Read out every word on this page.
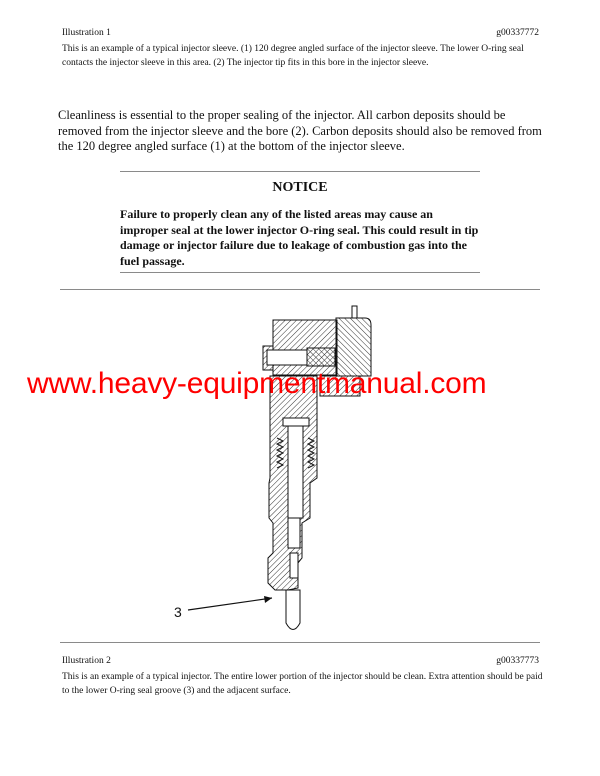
Illustration 1	g00337772
This is an example of a typical injector sleeve. (1) 120 degree angled surface of the injector sleeve. The lower O-ring seal contacts the injector sleeve in this area. (2) The injector tip fits in this bore in the injector sleeve.
Cleanliness is essential to the proper sealing of the injector. All carbon deposits should be removed from the injector sleeve and the bore (2). Carbon deposits should also be removed from the 120 degree angled surface (1) at the bottom of the injector sleeve.
NOTICE
Failure to properly clean any of the listed areas may cause an improper seal at the lower injector O-ring seal. This could result in tip damage or injector failure due to leakage of combustion gas into the fuel passage.
3
www.heavy-equipmentmanual.com
Illustration 2	g00337773
This is an example of a typical injector. The entire lower portion of the injector should be clean. Extra attention should be paid to the lower O-ring seal groove (3) and the adjacent surface.
